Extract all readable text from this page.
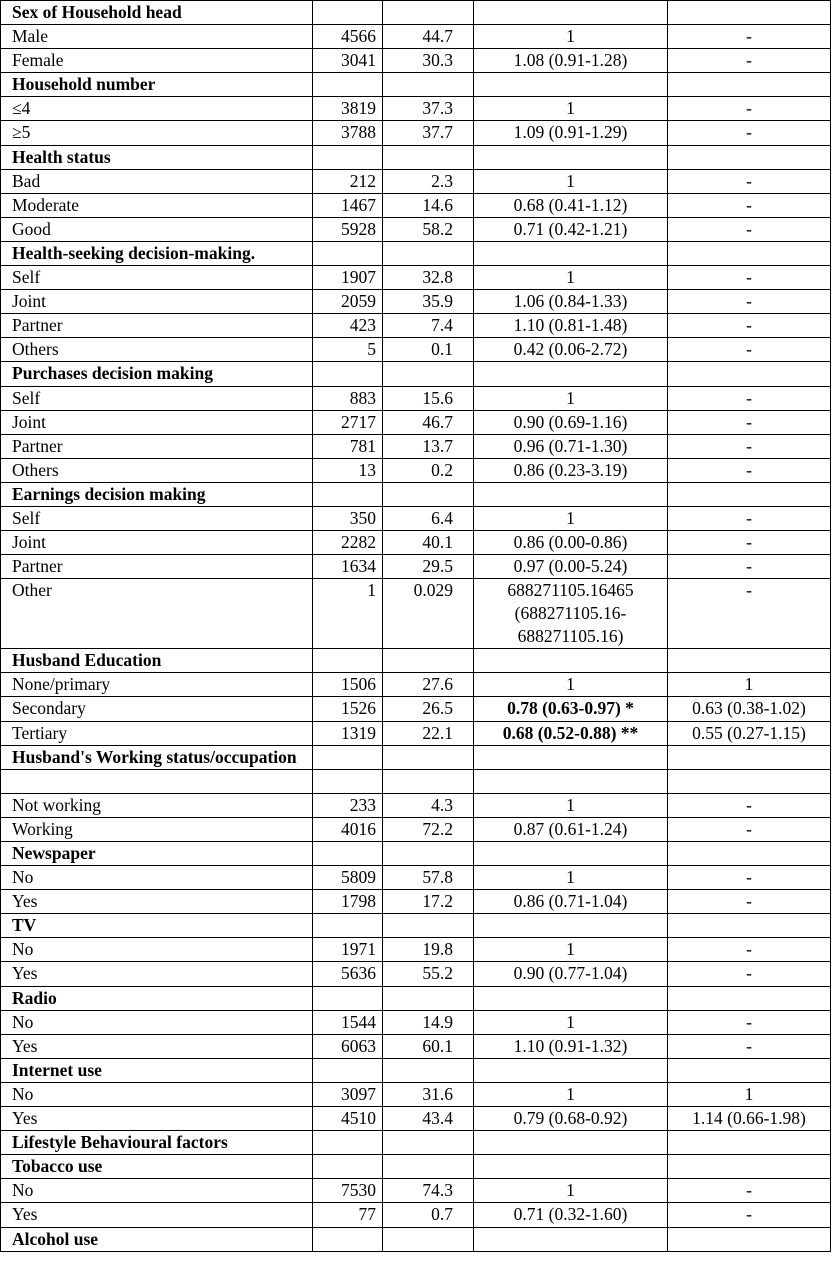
Sex of Household head				
Male	4566	44.7	1	-
Female	3041	30.3	1.08 (0.91-1.28)	-
Household number				
≤4	3819	37.3	1	-
≥5	3788	37.7	1.09 (0.91-1.29)	-
Health status				
Bad	212	2.3	1	-
Moderate	1467	14.6	0.68 (0.41-1.12)	-
Good	5928	58.2	0.71 (0.42-1.21)	-
Health-seeking decision-making.				
Self	1907	32.8	1	-
Joint	2059	35.9	1.06 (0.84-1.33)	-
Partner	423	7.4	1.10 (0.81-1.48)	-
Others	5	0.1	0.42 (0.06-2.72)	-
Purchases decision making				
Self	883	15.6	1	-
Joint	2717	46.7	0.90 (0.69-1.16)	-
Partner	781	13.7	0.96 (0.71-1.30)	-
Others	13	0.2	0.86 (0.23-3.19)	-
Earnings decision making				
Self	350	6.4	1	-
Joint	2282	40.1	0.86 (0.00-0.86)	-
Partner	1634	29.5	0.97 (0.00-5.24)	-
Other	1	0.029	688271105.16465 (688271105.16- 688271105.16)	-
Husband Education				
None/primary	1506	27.6	1	1
Secondary	1526	26.5	0.78 (0.63-0.97) *	0.63 (0.38-1.02)
Tertiary	1319	22.1	0.68 (0.52-0.88) **	0.55 (0.27-1.15)
Husband's Working status/occupation				

Not working	233	4.3	1	-
Working	4016	72.2	0.87 (0.61-1.24)	-
Newspaper				
No	5809	57.8	1	-
Yes	1798	17.2	0.86 (0.71-1.04)	-
TV				
No	1971	19.8	1	-
Yes	5636	55.2	0.90 (0.77-1.04)	-
Radio				
No	1544	14.9	1	-
Yes	6063	60.1	1.10 (0.91-1.32)	-
Internet use				
No	3097	31.6	1	1
Yes	4510	43.4	0.79 (0.68-0.92)	1.14 (0.66-1.98)
Lifestyle Behavioural factors				
Tobacco use				
No	7530	74.3	1	-
Yes	77	0.7	0.71 (0.32-1.60)	-
Alcohol use				
